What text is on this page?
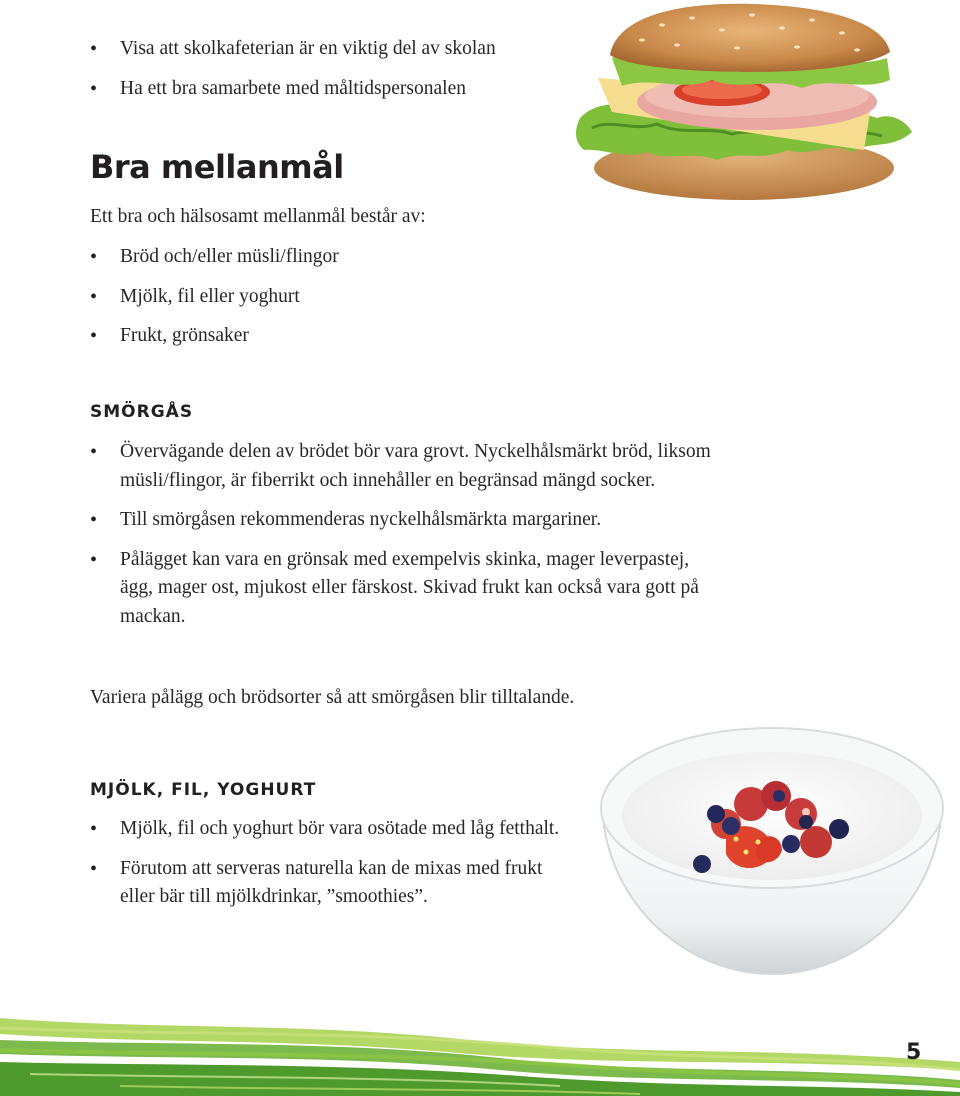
• Visa att skolkafeterian är en viktig del av skolan
• Ha ett bra samarbete med måltidspersonalen
Bra mellanmål
Ett bra och hälsosamt mellanmål består av:
• Bröd och/eller müsli/flingor
• Mjölk, fil eller yoghurt
• Frukt, grönsaker
SMÖRGÅS
• Övervägande delen av brödet bör vara grovt. Nyckelhålsmärkt bröd, liksom müsli/flingor, är fiberrikt och innehåller en begränsad mängd socker.
• Till smörgåsen rekommenderas nyckelhålsmärkta margariner.
• Pålägget kan vara en grönsak med exempelvis skinka, mager leverpastej, ägg, mager ost, mjukost eller färskost. Skivad frukt kan också vara gott på mackan.
Variera pålägg och brödsorter så att smörgåsen blir tilltalande.
MJÖLK, FIL, YOGHURT
• Mjölk, fil och yoghurt bör vara osötade med låg fetthalt.
• Förutom att serveras naturella kan de mixas med frukt eller bär till mjölkdrinkar, ”smoothies”.
5
